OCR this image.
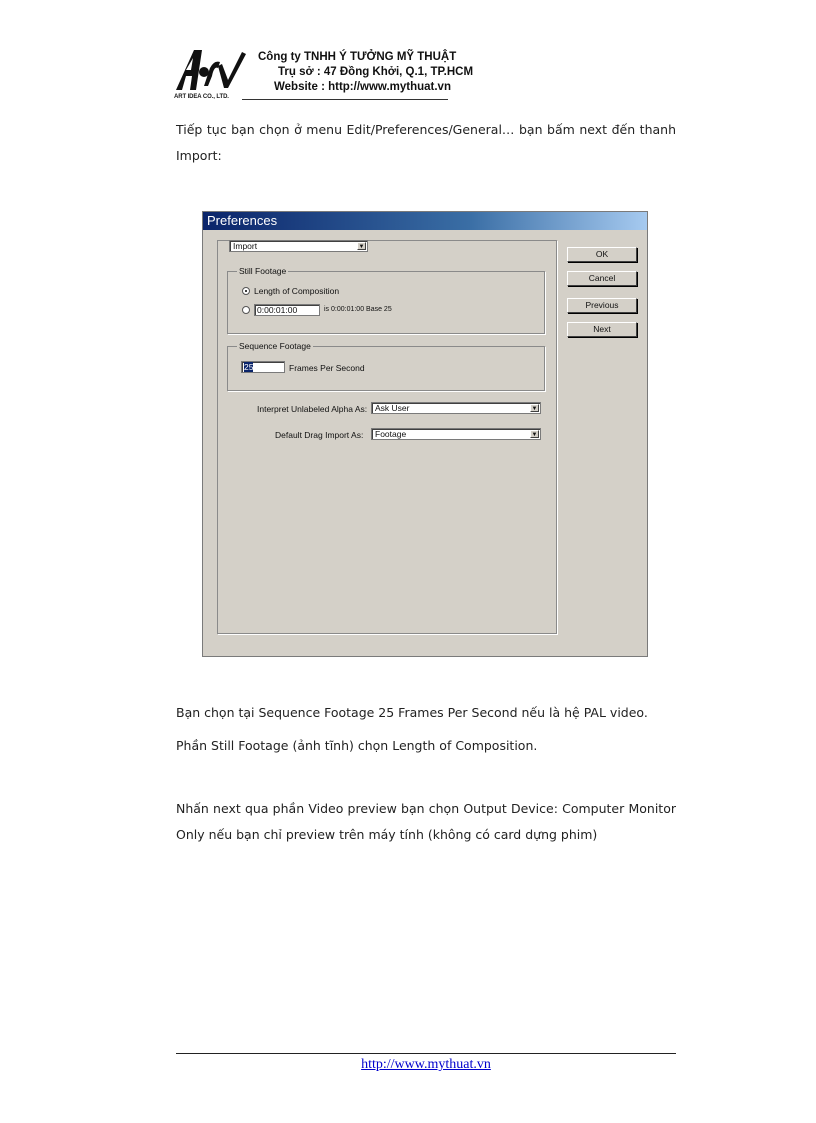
ART IDEA CO., LTD.
Công ty TNHH Ý TƯỞNG MỸ THUẬT
Trụ sở : 47 Đồng Khởi, Q.1, TP.HCM
Website : http://www.mythuat.vn
Tiếp tục bạn chọn ở menu Edit/Preferences/General… bạn bấm next đến thanh Import:
Preferences
Import	▼
Still Footage
Length of Composition
0:00:01:00	is 0:00:01:00 Base 25
Sequence Footage
25	Frames Per Second
Interpret Unlabeled Alpha As: Ask User	▼
Default Drag Import As: Footage	▼
OK
Cancel
Previous
Next
Bạn chọn tại Sequence Footage 25 Frames Per Second nếu là hệ PAL video.
Phần Still Footage (ảnh tĩnh) chọn Length of Composition.
Nhấn next qua phần Video preview bạn chọn Output Device: Computer Monitor Only nếu bạn chỉ preview trên máy tính (không có card dựng phim)
http://www.mythuat.vn
